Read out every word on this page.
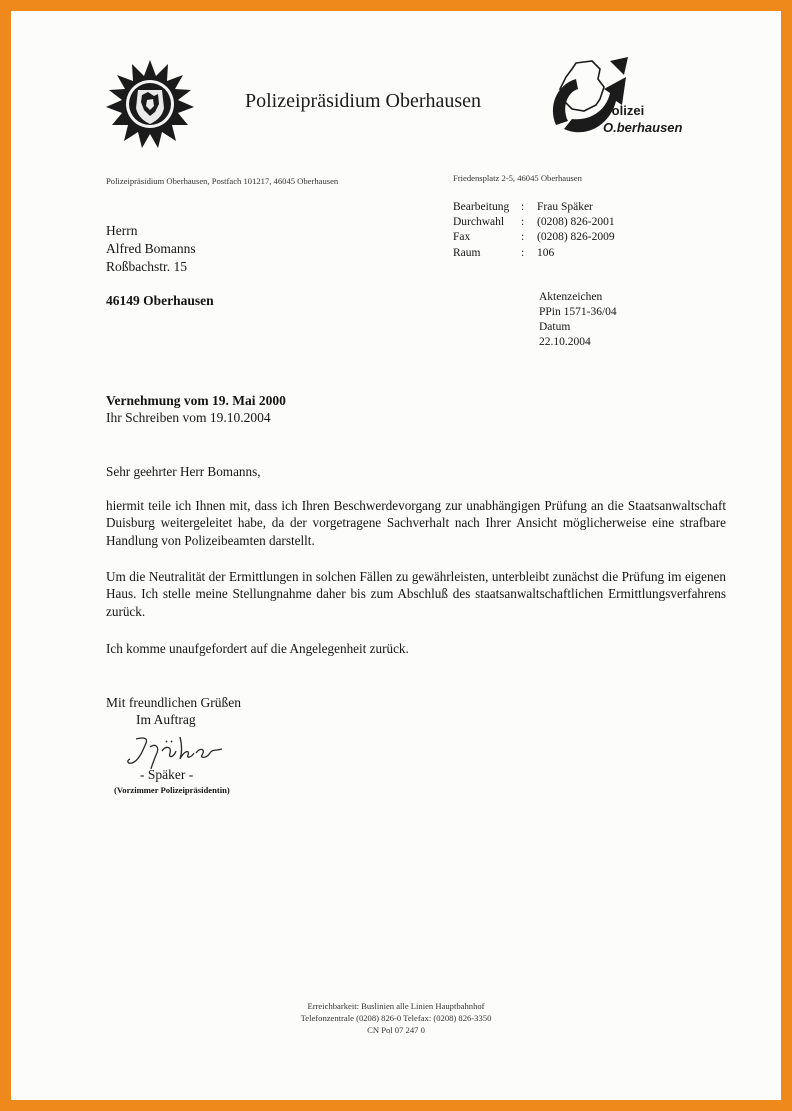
Polizeipräsidium Oberhausen	Polizei
O.berhausen
Polizeipräsidium Oberhausen, Postfach 101217, 46045 Oberhausen	Friedensplatz 2-5, 46045 Oberhausen
Bearbeitung	:	Frau Späker
Durchwahl	:	(0208) 826-2001
Fax	:	(0208) 826-2009
Raum	:	106
Herrn
Alfred Bomanns
Roßbachstr. 15
46149 Oberhausen	Aktenzeichen
PPin 1571-36/04
Datum
22.10.2004
Vernehmung vom 19. Mai 2000
Ihr Schreiben vom 19.10.2004
Sehr geehrter Herr Bomanns,
hiermit teile ich Ihnen mit, dass ich Ihren Beschwerdevorgang zur unabhängigen Prüfung an die Staatsanwaltschaft Duisburg weitergeleitet habe, da der vorgetragene Sachverhalt nach Ihrer Ansicht möglicherweise eine strafbare Handlung von Polizeibeamten darstellt.
Um die Neutralität der Ermittlungen in solchen Fällen zu gewährleisten, unterbleibt zunächst die Prüfung im eigenen Haus. Ich stelle meine Stellungnahme daher bis zum Abschluß des staatsanwaltschaftlichen Ermittlungsverfahrens zurück.
Ich komme unaufgefordert auf die Angelegenheit zurück.
Mit freundlichen Grüßen
Im Auftrag
- Späker -
(Vorzimmer Polizeipräsidentin)
Erreichbarkeit: Buslinien alle Linien Hauptbahnhof
Telefonzentrale (0208) 826-0 Telefax: (0208) 826-3350
CN Pol 07 247 0
